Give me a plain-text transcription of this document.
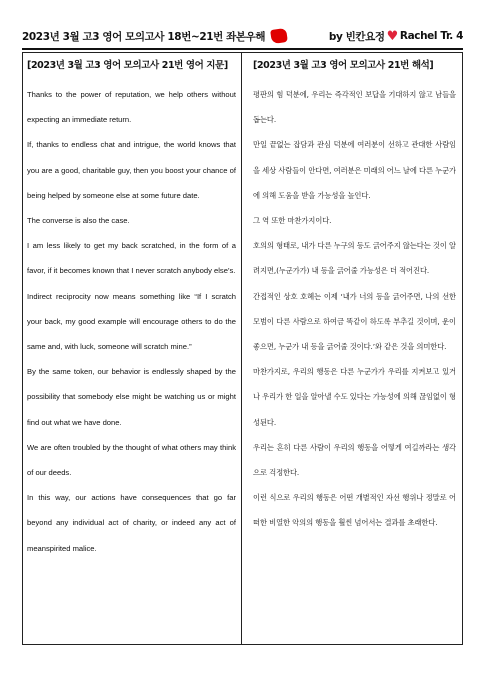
2023년 3월 고3 영어 모의고사 18번~21번 좌본우해	by 빈칸요정 ♥ Rachel Tr. 4
[2023년 3월 고3 영어 모의고사 21번 영어 지문]

Thanks to the power of reputation, we help others without expecting an immediate return.

If, thanks to endless chat and intrigue, the world knows that you are a good, charitable guy, then you boost your chance of being helped by someone else at some future date.

The converse is also the case.

I am less likely to get my back scratched, in the form of a favor, if it becomes known that I never scratch anybody else’s.

Indirect reciprocity now means something like “If I scratch your back, my good example will encourage others to do the same and, with luck, someone will scratch mine.”

By the same token, our behavior is endlessly shaped by the possibility that somebody else might be watching us or might find out what we have done.

We are often troubled by the thought of what others may think of our deeds.

In this way, our actions have consequences that go far beyond any individual act of charity, or indeed any act of meanspirited malice.

[2023년 3월 고3 영어 모의고사 21번 해석]

평판의 힘 덕분에, 우리는 즉각적인 보답을 기대하지 않고 남들을 돕는다.

만일 끝없는 잡담과 관심 덕분에 여러분이 선하고 관대한 사람임을 세상 사람들이 안다면, 여러분은 미래의 어느 날에 다른 누군가에 의해 도움을 받을 가능성을 높인다.

그 역 또한 마찬가지이다.

호의의 형태로, 내가 다른 누구의 등도 긁어주지 않는다는 것이 알려지면,(누군가가) 내 등을 긁어줄 가능성은 더 적어진다.

간접적인 상호 호혜는 이제 ‘내가 너의 등을 긁어주면, 나의 선한 모범이 다른 사람으로 하여금 똑같이 하도록 부추길 것이며, 운이 좋으면, 누군가 내 등을 긁어줄 것이다.’와 같은 것을 의미한다.

마찬가지로, 우리의 행동은 다른 누군가가 우리를 지켜보고 있거나 우리가 한 일을 알아낼 수도 있다는 가능성에 의해 끊임없이 형성된다.

우리는 흔히 다른 사람이 우리의 행동을 어떻게 여길까라는 생각으로 걱정한다.

이런 식으로 우리의 행동은 어떤 개별적인 자선 행위나 정말로 어떠한 비열한 악의의 행동을 훨씬 넘어서는 결과를 초래한다.
